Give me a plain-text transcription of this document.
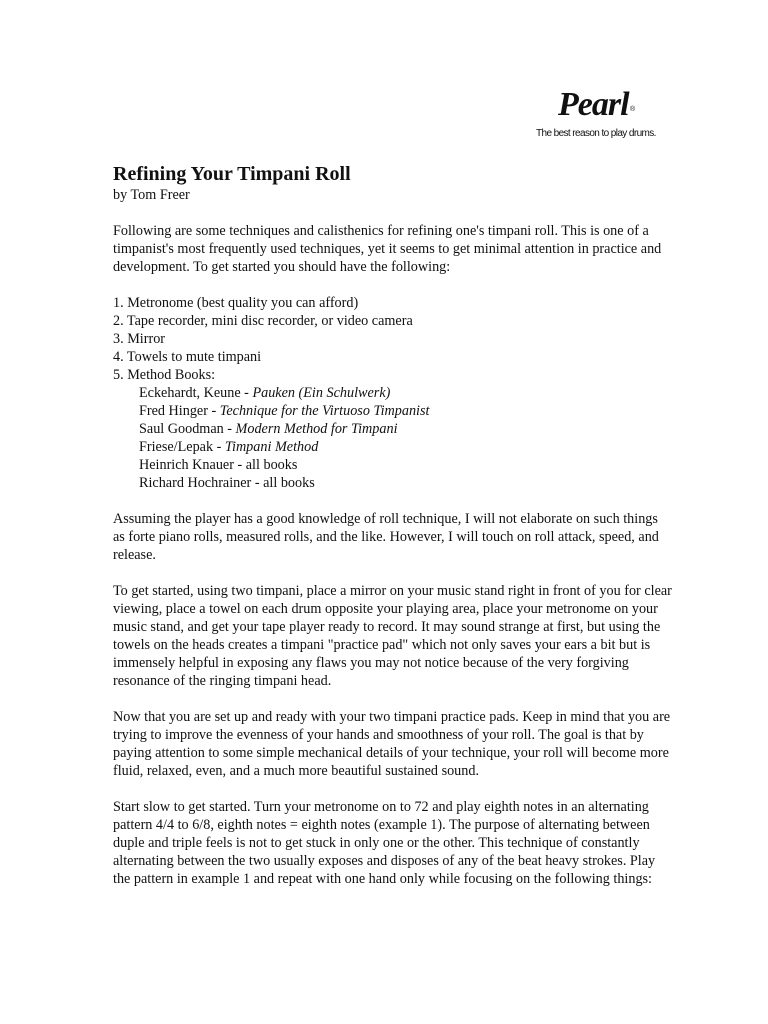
Pearl ®
The best reason to play drums.
Refining Your Timpani Roll
by Tom Freer

Following are some techniques and calisthenics for refining one's timpani roll. This is one of a timpanist's most frequently used techniques, yet it seems to get minimal attention in practice and development. To get started you should have the following:

1. Metronome (best quality you can afford)
2. Tape recorder, mini disc recorder, or video camera
3. Mirror
4. Towels to mute timpani
5. Method Books:
Eckehardt, Keune - Pauken (Ein Schulwerk)
Fred Hinger - Technique for the Virtuoso Timpanist
Saul Goodman - Modern Method for Timpani
Friese/Lepak - Timpani Method
Heinrich Knauer - all books
Richard Hochrainer - all books

Assuming the player has a good knowledge of roll technique, I will not elaborate on such things as forte piano rolls, measured rolls, and the like. However, I will touch on roll attack, speed, and release.

To get started, using two timpani, place a mirror on your music stand right in front of you for clear viewing, place a towel on each drum opposite your playing area, place your metronome on your music stand, and get your tape player ready to record. It may sound strange at first, but using the towels on the heads creates a timpani "practice pad" which not only saves your ears a bit but is immensely helpful in exposing any flaws you may not notice because of the very forgiving resonance of the ringing timpani head.

Now that you are set up and ready with your two timpani practice pads. Keep in mind that you are trying to improve the evenness of your hands and smoothness of your roll. The goal is that by paying attention to some simple mechanical details of your technique, your roll will become more fluid, relaxed, even, and a much more beautiful sustained sound.

Start slow to get started. Turn your metronome on to 72 and play eighth notes in an alternating pattern 4/4 to 6/8, eighth notes = eighth notes (example 1). The purpose of alternating between duple and triple feels is not to get stuck in only one or the other. This technique of constantly alternating between the two usually exposes and disposes of any of the beat heavy strokes. Play the pattern in example 1 and repeat with one hand only while focusing on the following things:
